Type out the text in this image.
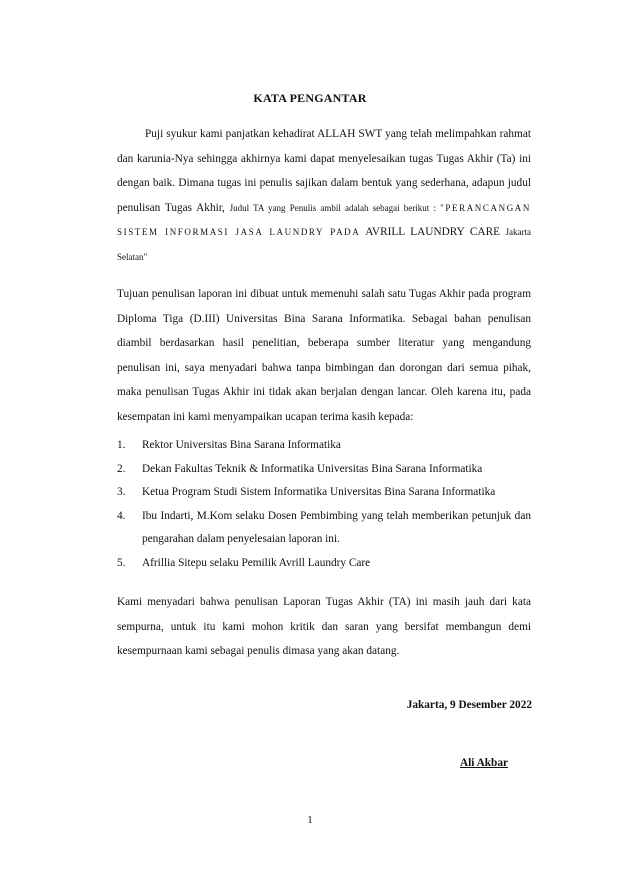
KATA PENGANTAR

Puji syukur kami panjatkan kehadirat ALLAH SWT yang telah melimpahkan rahmat dan karunia-Nya sehingga akhirnya kami dapat menyelesaikan tugas Tugas Akhir (Ta) ini dengan baik. Dimana tugas ini penulis sajikan dalam bentuk yang sederhana, adapun judul penulisan Tugas Akhir, Judul TA yang Penulis ambil adalah sebagai berikut : "PERANCANGAN SISTEM INFORMASI JASA LAUNDRY PADA AVRILL LAUNDRY CARE Jakarta Selatan"

Tujuan penulisan laporan ini dibuat untuk memenuhi salah satu Tugas Akhir pada program Diploma Tiga (D.III) Universitas Bina Sarana Informatika. Sebagai bahan penulisan diambil berdasarkan hasil penelitian, beberapa sumber literatur yang mengandung penulisan ini, saya menyadari bahwa tanpa bimbingan dan dorongan dari semua pihak, maka penulisan Tugas Akhir ini tidak akan berjalan dengan lancar. Oleh karena itu, pada kesempatan ini kami menyampaikan ucapan terima kasih kepada:

1. Rektor Universitas Bina Sarana Informatika
2. Dekan Fakultas Teknik & Informatika Universitas Bina Sarana Informatika
3. Ketua Program Studi Sistem Informatika Universitas Bina Sarana Informatika
4. Ibu Indarti, M.Kom selaku Dosen Pembimbing yang telah memberikan petunjuk dan pengarahan dalam penyelesaian laporan ini.
5. Afrillia Sitepu selaku Pemilik Avrill Laundry Care

Kami menyadari bahwa penulisan Laporan Tugas Akhir (TA) ini masih jauh dari kata sempurna, untuk itu kami mohon kritik dan saran yang bersifat membangun demi kesempurnaan kami sebagai penulis dimasa yang akan datang.

Jakarta, 9 Desember 2022
Ali Akbar
1
